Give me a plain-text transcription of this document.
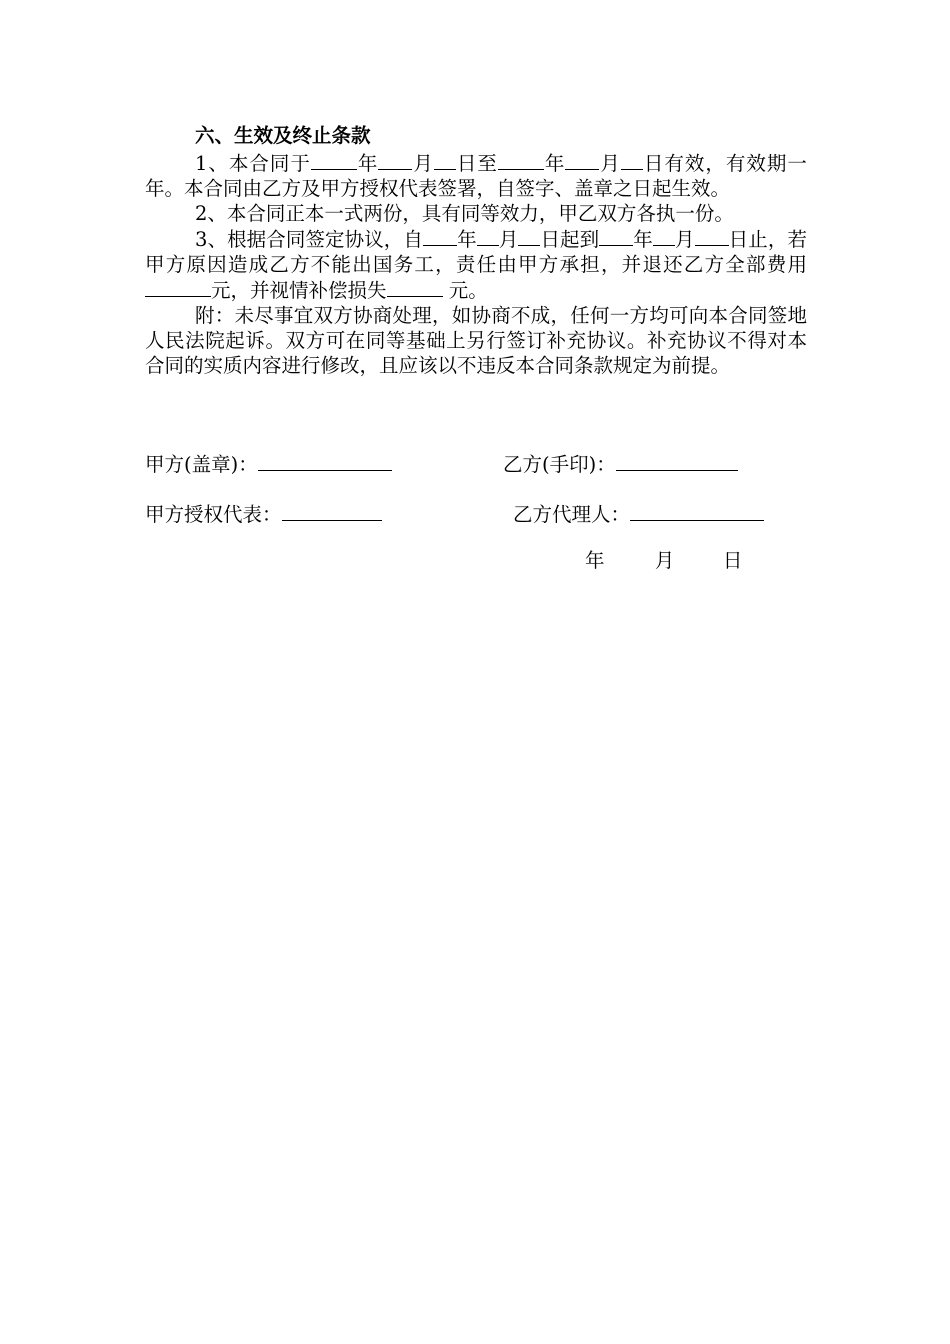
六、生效及终止条款

1、本合同于 年 月 日至 年 月 日有效，有效期一年。本合同由乙方及甲方授权代表签署，自签字、盖章之日起生效。

2、本合同正本一式两份，具有同等效力，甲乙双方各执一份。

3、根据合同签定协议，自 年 月 日起到 年 月 日止，若甲方原因造成乙方不能出国务工，责任由甲方承担，并退还乙方全部费用元，并视情补偿损失	元。

附：未尽事宜双方协商处理，如协商不成，任何一方均可向本合同签地人民法院起诉。双方可在同等基础上另行签订补充协议。补充协议不得对本合同的实质内容进行修改，且应该以不违反本合同条款规定为前提。

甲方(盖章)：	乙方(手印)：
甲方授权代表：	乙方代理人：
年	月 日
